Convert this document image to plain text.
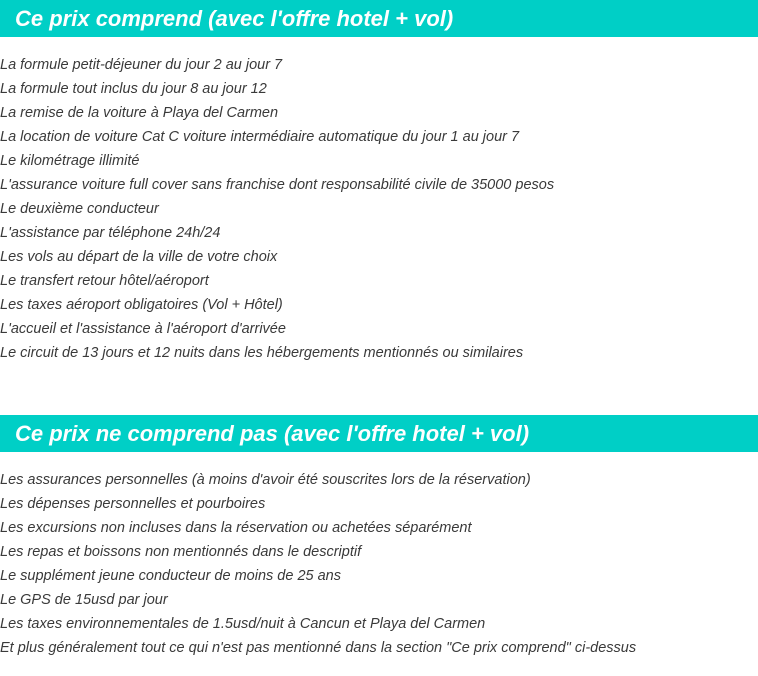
Ce prix comprend (avec l'offre hotel + vol)
La formule petit-déjeuner du jour 2 au jour 7
La formule tout inclus du jour 8 au jour 12
La remise de la voiture à Playa del Carmen
La location de voiture Cat C voiture intermédiaire automatique du jour 1 au jour 7
Le kilométrage illimité
L'assurance voiture full cover sans franchise dont responsabilité civile de 35000 pesos
Le deuxième conducteur
L'assistance par téléphone 24h/24
Les vols au départ de la ville de votre choix
Le transfert retour hôtel/aéroport
Les taxes aéroport obligatoires (Vol + Hôtel)
L'accueil et l'assistance à l'aéroport d'arrivée
Le circuit de 13 jours et 12 nuits dans les hébergements mentionnés ou similaires
Ce prix ne comprend pas (avec l'offre hotel + vol)
Les assurances personnelles (à moins d'avoir été souscrites lors de la réservation)
Les dépenses personnelles et pourboires
Les excursions non incluses dans la réservation ou achetées séparément
Les repas et boissons non mentionnés dans le descriptif
Le supplément jeune conducteur de moins de 25 ans
Le GPS de 15usd par jour
Les taxes environnementales de 1.5usd/nuit à Cancun et Playa del Carmen
Et plus généralement tout ce qui n'est pas mentionné dans la section "Ce prix comprend" ci-dessus
